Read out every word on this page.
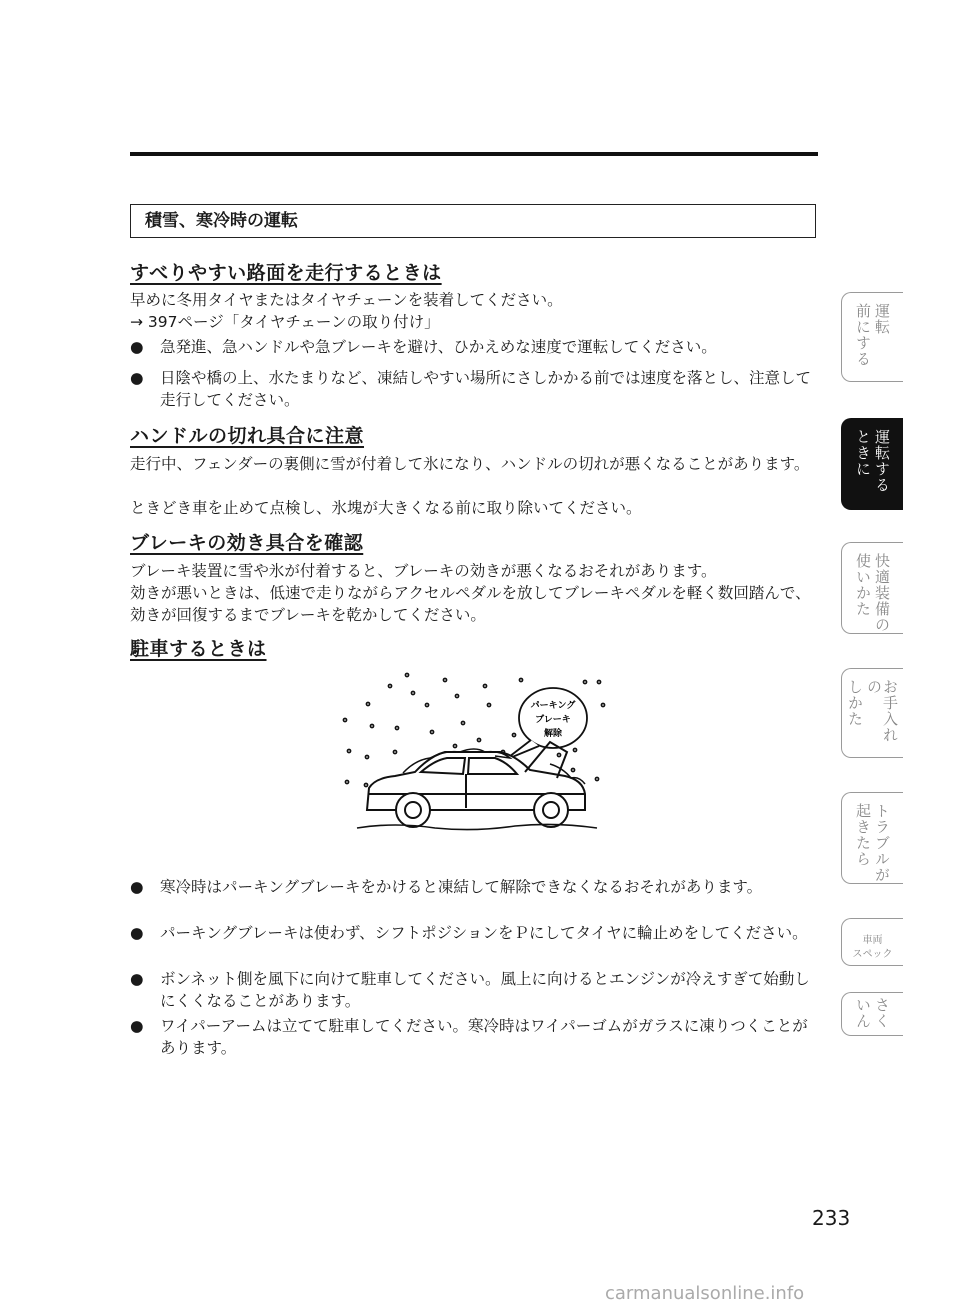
積雪、寒冷時の運転
すべりやすい路面を走行するときは
早めに冬用タイヤまたはタイヤチェーンを装着してください。
→ 397ページ「タイヤチェーンの取り付け」
●	急発進、急ハンドルや急ブレーキを避け、ひかえめな速度で運転してください。
●	日陰や橋の上、水たまりなど、凍結しやすい場所にさしかかる前では速度を落とし、注意して走行してください。
ハンドルの切れ具合に注意
走行中、フェンダーの裏側に雪が付着して氷になり、ハンドルの切れが悪くなることがあります。
ときどき車を止めて点検し、氷塊が大きくなる前に取り除いてください。
ブレーキの効き具合を確認
ブレーキ装置に雪や氷が付着すると、ブレーキの効きが悪くなるおそれがあります。
効きが悪いときは、低速で走りながらアクセルペダルを放してブレーキペダルを軽く数回踏んで、効きが回復するまでブレーキを乾かしてください。
駐車するときは
パーキング
ブレーキ
解除
●	寒冷時はパーキングブレーキをかけると凍結して解除できなくなるおそれがあります。
●	パーキングブレーキは使わず、シフトポジションをＰにしてタイヤに輪止めをしてください。
●	ボンネット側を風下に向けて駐車してください。風上に向けるとエンジンが冷えすぎて始動しにくくなることがあります。
●	ワイパーアームは立てて駐車してください。寒冷時はワイパーゴムがガラスに凍りつくことがあります。
運転
前にする
運転する
ときに
快適装備の
使いかた
お手入れの
しかた
トラブルが
起きたら
車両
スペック
さく
いん
233
carmanualsonline.info
